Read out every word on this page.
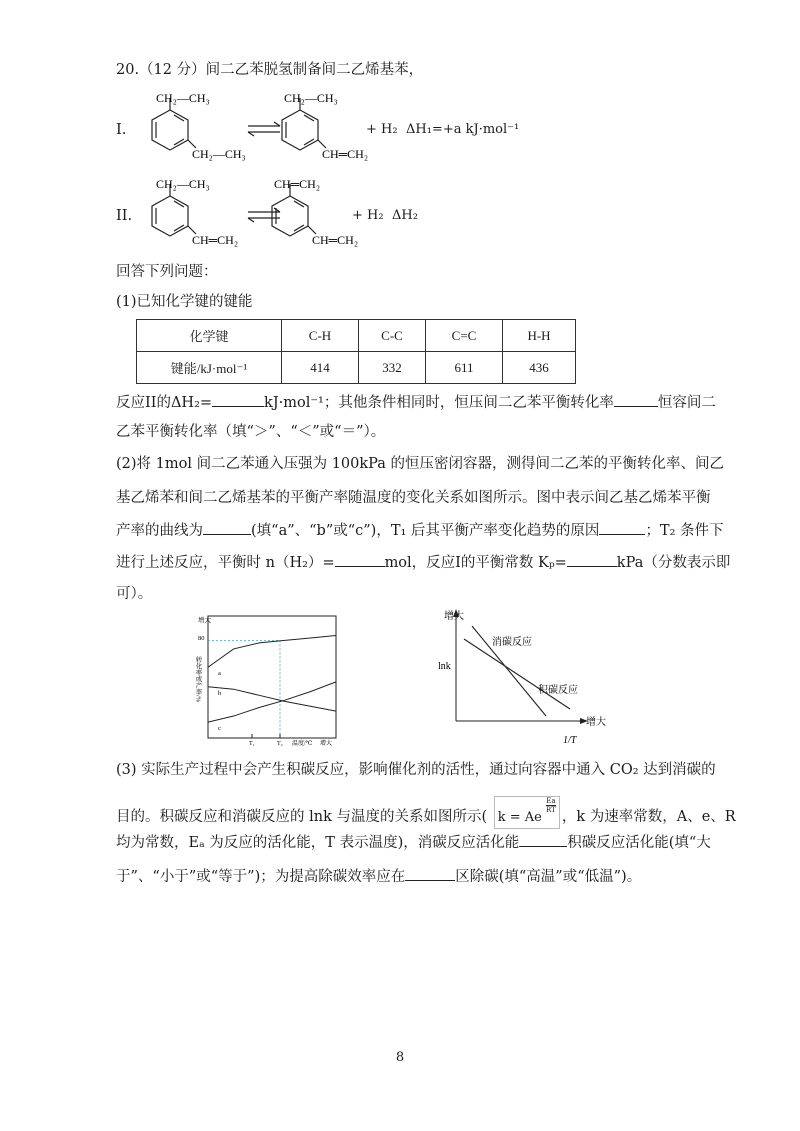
20.（12 分）间二乙苯脱氢制备间二乙烯基苯，
I.
CH₂—CH₃
CH₂—CH₃
CH₂—CH₃
CH═CH₂
+ H₂ ΔH₁=+a kJ·mol⁻¹
II.
CH₂—CH₃
CH═CH₂
CH═CH₂
CH═CH₂
+ H₂ ΔH₂
回答下列问题：
(1)已知化学键的键能
化学键	C-H	C-C	C=C	H-H
键能/kJ·mol⁻¹	414	332	611	436
反应II的ΔH₂=	kJ·mol⁻¹；其他条件相同时，恒压间二乙苯平衡转化率	恒容间二
乙苯平衡转化率（填“＞”、“＜”或“＝”）。
(2)将 1mol 间二乙苯通入压强为 100kPa 的恒压密闭容器，测得间二乙苯的平衡转化率、间乙
基乙烯苯和间二乙烯基苯的平衡产率随温度的变化关系如图所示。图中表示间乙基乙烯苯平衡
产率的曲线为	(填“a”、“b”或“c”)，T₁ 后其平衡产率变化趋势的原因	；T₂ 条件下
进行上述反应，平衡时 n（H₂）=	mol，反应I的平衡常数 Kₚ=	kPa（分数表示即
可）。
增大
80
转化率或产率/%
T₁	T₂ 温度/℃ 增大
a
b
c
增大
lnk
增大
1/T
消碳反应
积碳反应
(3) 实际生产过程中会产生积碳反应，影响催化剂的活性，通过向容器中通入 CO₂ 达到消碳的
目的。积碳反应和消碳反应的 lnk 与温度的关系如图所示( k = Ae
$\frac{Ea}{RT}$
，k 为速率常数，A、e、R
均为常数，Eₐ 为反应的活化能，T 表示温度)，消碳反应活化能	积碳反应活化能(填“大
于”、“小于”或“等于”)；为提高除碳效率应在	区除碳(填“高温”或“低温”)。
8
